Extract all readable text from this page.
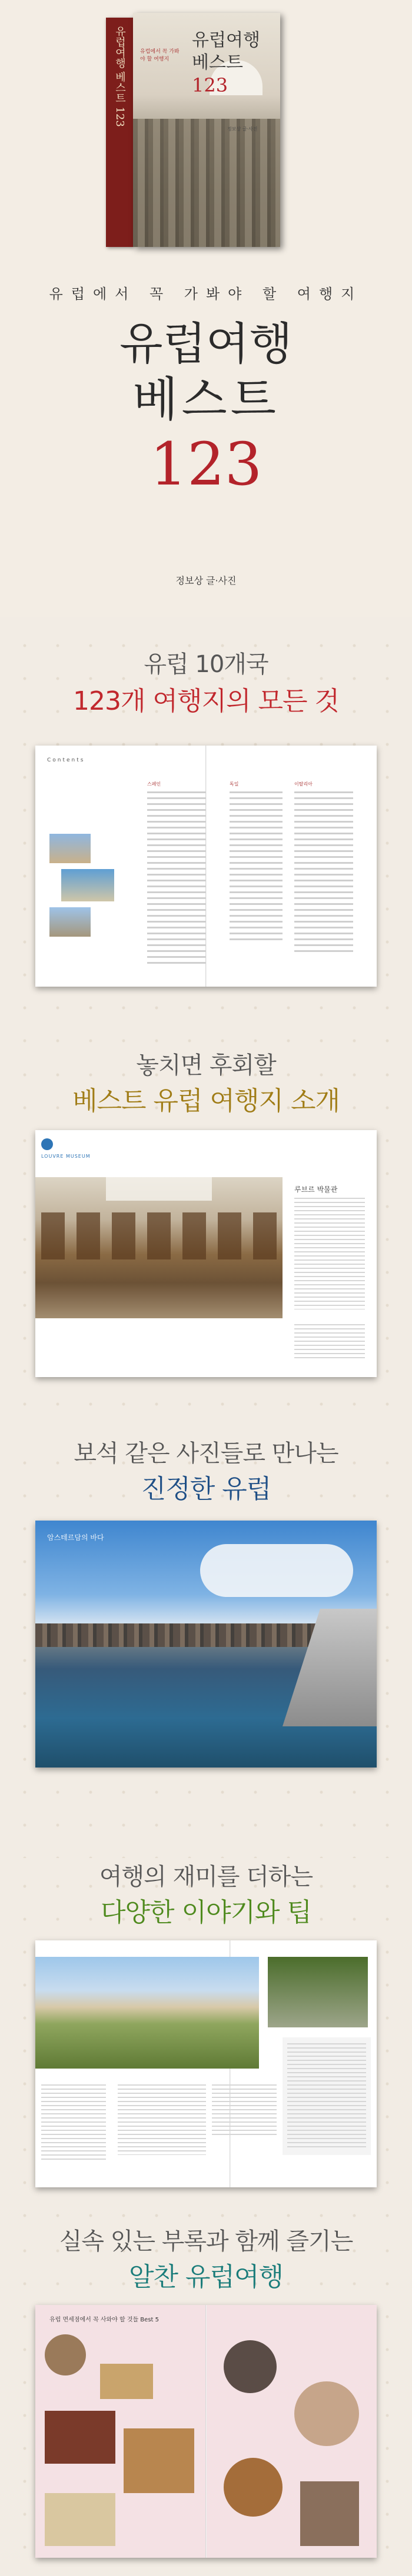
유럽여행 베스트 123	유럽에서 꼭 가봐야 할 여행지
유럽여행
베스트
123
정보상 글·사진
유럽에서 꼭 가봐야 할 여행지
유럽여행
베스트
123
정보상 글·사진
유럽 10개국
123개 여행지의 모든 것
Contents
스페인	독일	이탈리아
놓치면 후회할
베스트 유럽 여행지 소개
LOUVRE MUSEUM
루브르 박물관
보석 같은 사진들로 만나는
진정한 유럽
암스테르담의 바다
여행의 재미를 더하는
다양한 이야기와 팁
실속 있는 부록과 함께 즐기는
알찬 유럽여행
유럽 면세점에서 꼭 사와야 할 것들 Best 5
